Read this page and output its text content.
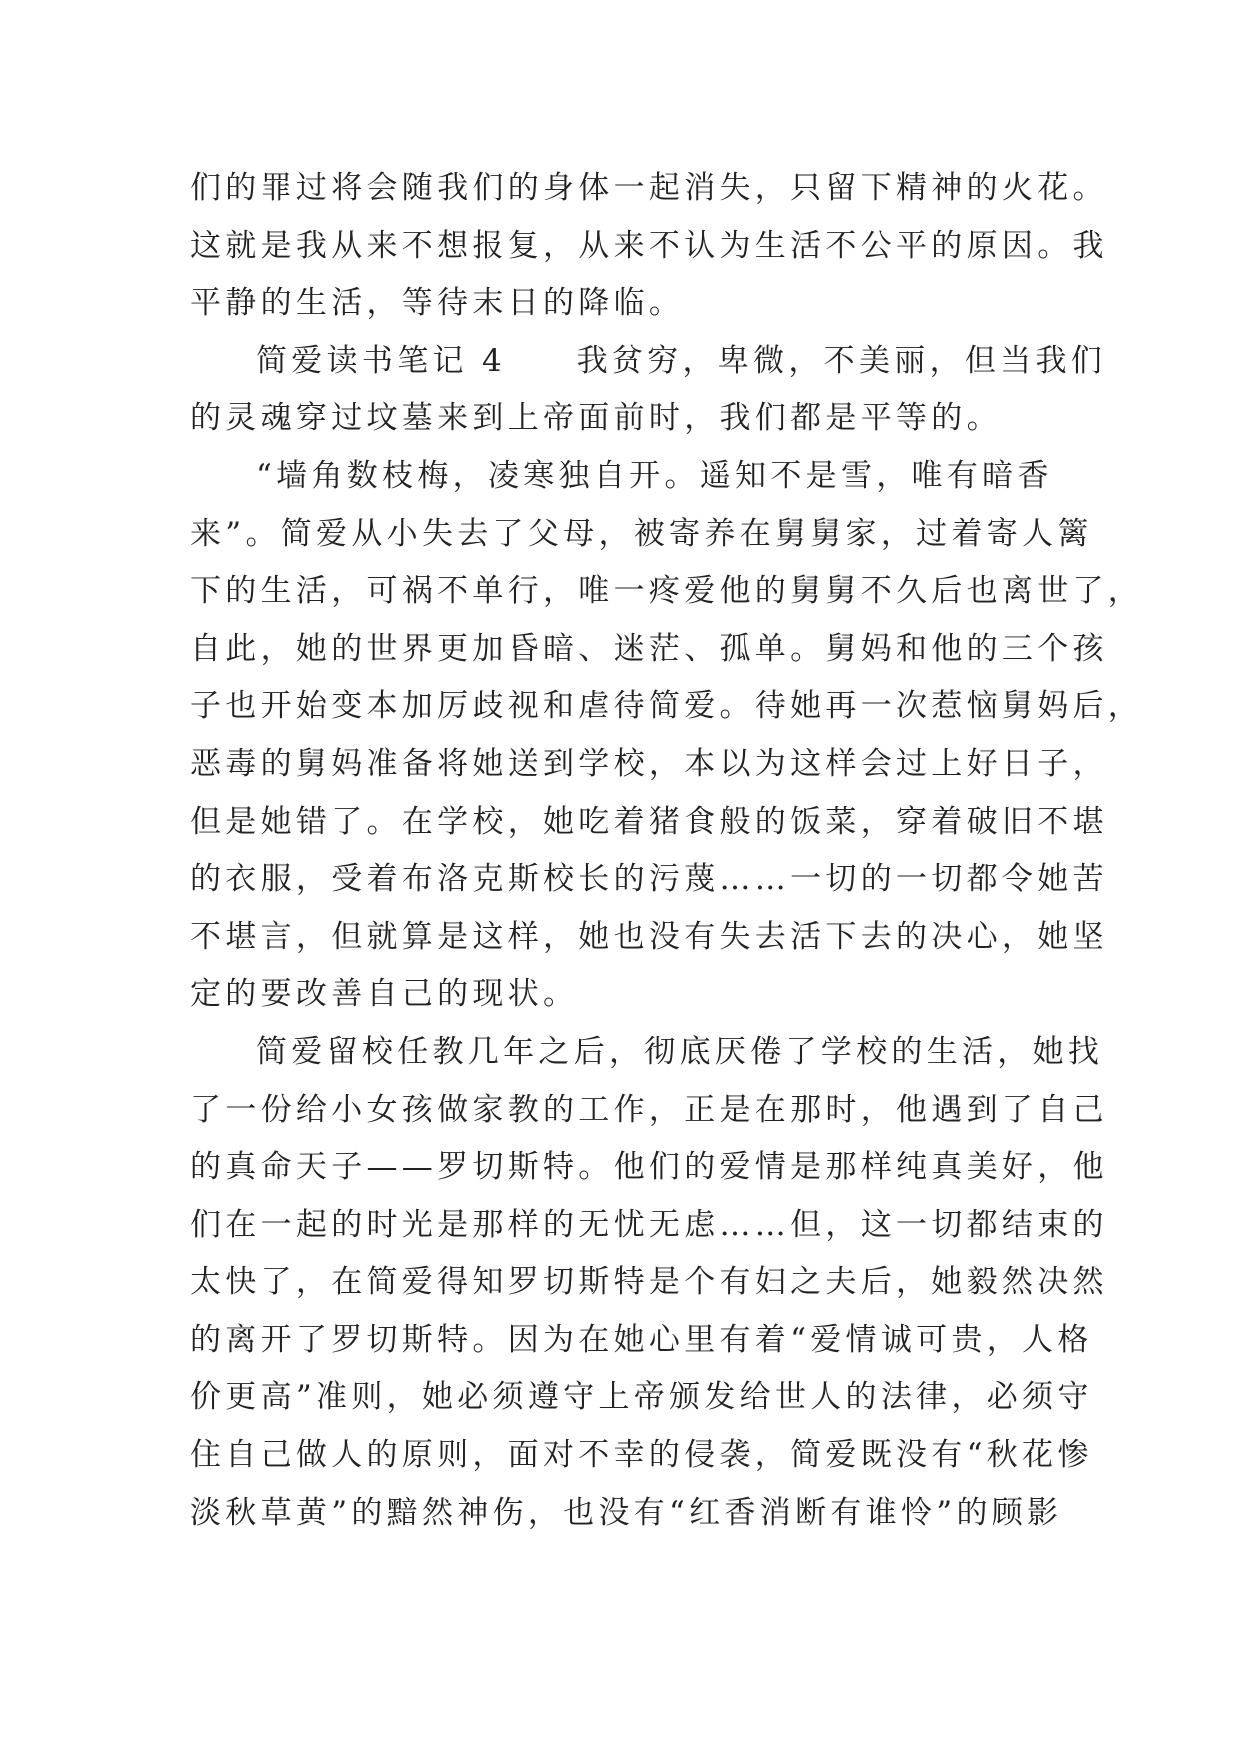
们的罪过将会随我们的身体一起消失，只留下精神的火花。
这就是我从来不想报复，从来不认为生活不公平的原因。我
平静的生活，等待末日的降临。
简爱读书笔记 4　　我贫穷，卑微，不美丽，但当我们
的灵魂穿过坟墓来到上帝面前时，我们都是平等的。
“墙角数枝梅，凌寒独自开。遥知不是雪，唯有暗香
来”。简爱从小失去了父母，被寄养在舅舅家，过着寄人篱
下的生活，可祸不单行，唯一疼爱他的舅舅不久后也离世了，
自此，她的世界更加昏暗、迷茫、孤单。舅妈和他的三个孩
子也开始变本加厉歧视和虐待简爱。待她再一次惹恼舅妈后，
恶毒的舅妈准备将她送到学校，本以为这样会过上好日子，
但是她错了。在学校，她吃着猪食般的饭菜，穿着破旧不堪
的衣服，受着布洛克斯校长的污蔑……一切的一切都令她苦
不堪言，但就算是这样，她也没有失去活下去的决心，她坚
定的要改善自己的现状。
简爱留校任教几年之后，彻底厌倦了学校的生活，她找
了一份给小女孩做家教的工作，正是在那时，他遇到了自己
的真命天子——罗切斯特。他们的爱情是那样纯真美好，他
们在一起的时光是那样的无忧无虑……但，这一切都结束的
太快了，在简爱得知罗切斯特是个有妇之夫后，她毅然决然
的离开了罗切斯特。因为在她心里有着“爱情诚可贵，人格
价更高”准则，她必须遵守上帝颁发给世人的法律，必须守
住自己做人的原则，面对不幸的侵袭，简爱既没有“秋花惨
淡秋草黄”的黯然神伤，也没有“红香消断有谁怜”的顾影
